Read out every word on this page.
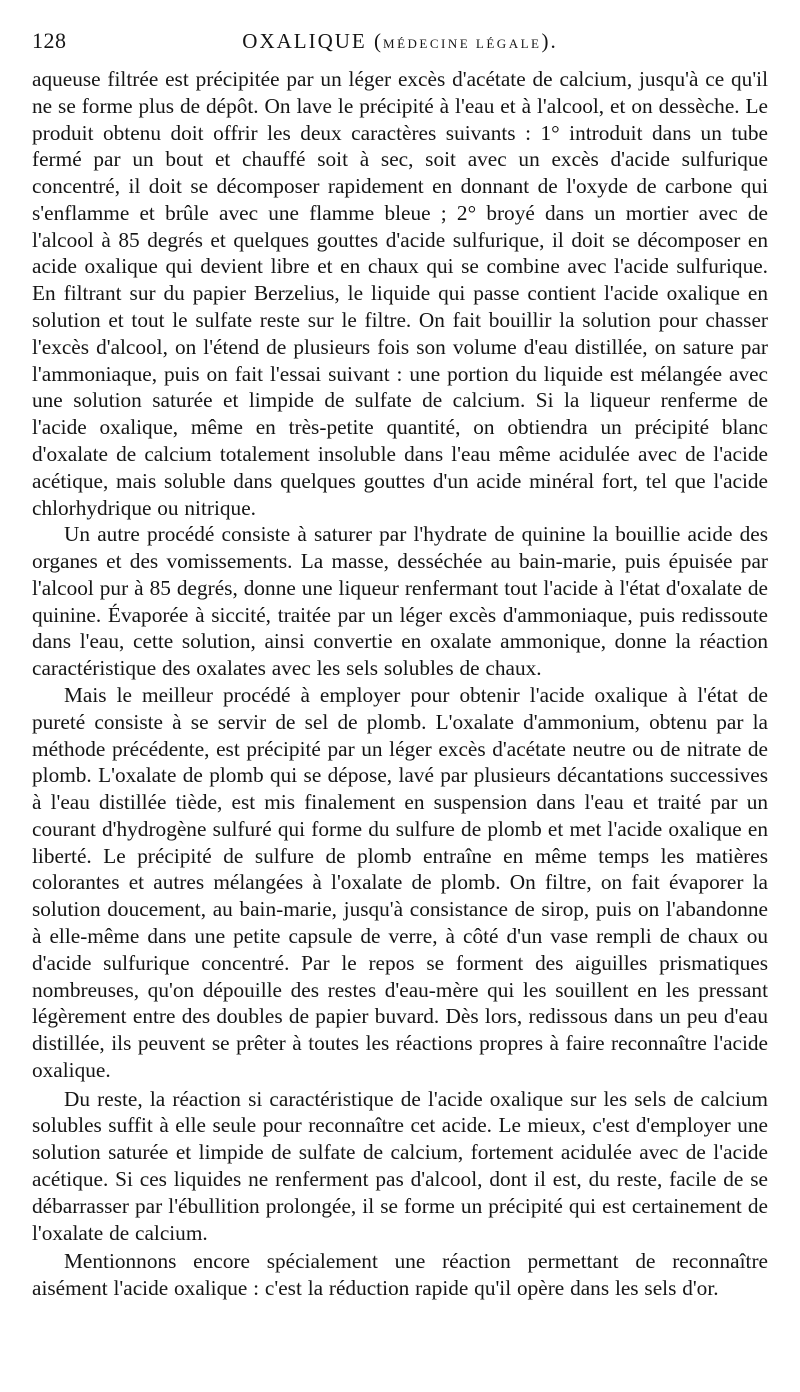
128	OXALIQUE (MÉDECINE LÉGALE).

aqueuse filtrée est précipitée par un léger excès d'acétate de calcium, jusqu'à ce qu'il ne se forme plus de dépôt. On lave le précipité à l'eau et à l'alcool, et on dessèche. Le produit obtenu doit offrir les deux caractères suivants : 1° introduit dans un tube fermé par un bout et chauffé soit à sec, soit avec un excès d'acide sulfurique concentré, il doit se décomposer rapidement en donnant de l'oxyde de carbone qui s'enflamme et brûle avec une flamme bleue ; 2° broyé dans un mortier avec de l'alcool à 85 degrés et quelques gouttes d'acide sulfurique, il doit se décomposer en acide oxalique qui devient libre et en chaux qui se combine avec l'acide sulfurique. En filtrant sur du papier Berzelius, le liquide qui passe contient l'acide oxalique en solution et tout le sulfate reste sur le filtre. On fait bouillir la solution pour chasser l'excès d'alcool, on l'étend de plusieurs fois son volume d'eau distillée, on sature par l'ammoniaque, puis on fait l'essai suivant : une portion du liquide est mélangée avec une solution saturée et limpide de sulfate de calcium. Si la liqueur renferme de l'acide oxalique, même en très-petite quantité, on obtiendra un précipité blanc d'oxalate de calcium totalement insoluble dans l'eau même acidulée avec de l'acide acétique, mais soluble dans quelques gouttes d'un acide minéral fort, tel que l'acide chlorhydrique ou nitrique.

Un autre procédé consiste à saturer par l'hydrate de quinine la bouillie acide des organes et des vomissements. La masse, desséchée au bain-marie, puis épuisée par l'alcool pur à 85 degrés, donne une liqueur renfermant tout l'acide à l'état d'oxalate de quinine. Évaporée à siccité, traitée par un léger excès d'ammoniaque, puis redissoute dans l'eau, cette solution, ainsi convertie en oxalate ammonique, donne la réaction caractéristique des oxalates avec les sels solubles de chaux.

Mais le meilleur procédé à employer pour obtenir l'acide oxalique à l'état de pureté consiste à se servir de sel de plomb. L'oxalate d'ammonium, obtenu par la méthode précédente, est précipité par un léger excès d'acétate neutre ou de nitrate de plomb. L'oxalate de plomb qui se dépose, lavé par plusieurs décantations successives à l'eau distillée tiède, est mis finalement en suspension dans l'eau et traité par un courant d'hydrogène sulfuré qui forme du sulfure de plomb et met l'acide oxalique en liberté. Le précipité de sulfure de plomb entraîne en même temps les matières colorantes et autres mélangées à l'oxalate de plomb. On filtre, on fait évaporer la solution doucement, au bain-marie, jusqu'à consistance de sirop, puis on l'abandonne à elle-même dans une petite capsule de verre, à côté d'un vase rempli de chaux ou d'acide sulfurique concentré. Par le repos se forment des aiguilles prismatiques nombreuses, qu'on dépouille des restes d'eau-mère qui les souillent en les pressant légèrement entre des doubles de papier buvard. Dès lors, redissous dans un peu d'eau distillée, ils peuvent se prêter à toutes les réactions propres à faire reconnaître l'acide oxalique.

Du reste, la réaction si caractéristique de l'acide oxalique sur les sels de calcium solubles suffit à elle seule pour reconnaître cet acide. Le mieux, c'est d'employer une solution saturée et limpide de sulfate de calcium, fortement acidulée avec de l'acide acétique. Si ces liquides ne renferment pas d'alcool, dont il est, du reste, facile de se débarrasser par l'ébullition prolongée, il se forme un précipité qui est certainement de l'oxalate de calcium.

Mentionnons encore spécialement une réaction permettant de reconnaître aisément l'acide oxalique : c'est la réduction rapide qu'il opère dans les sels d'or.
